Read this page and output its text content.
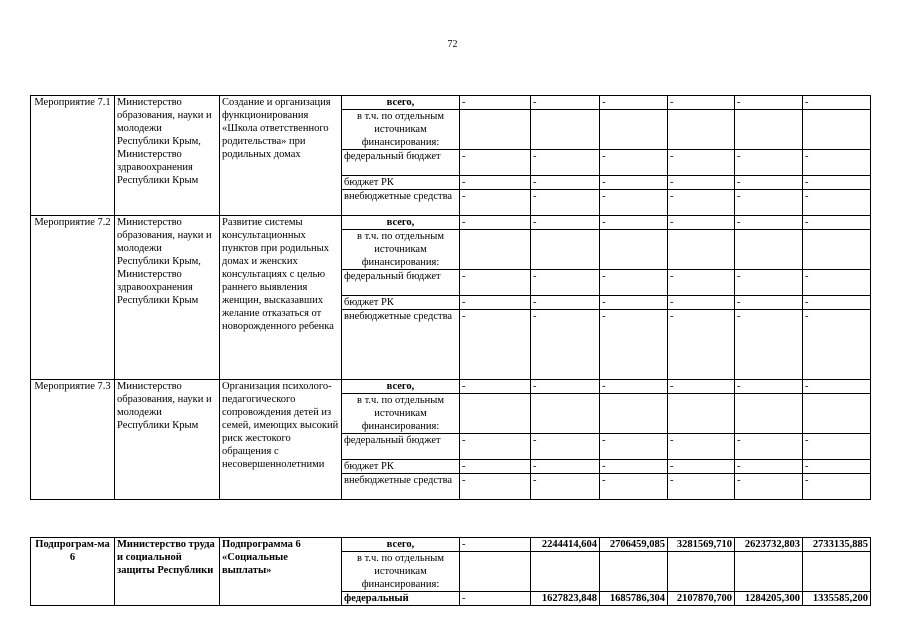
72
Мероприятие 7.1	Министерство образования, науки и молодежи Республики Крым, Министерство здравоохранения Республики Крым	Создание и организация функционирования «Школа ответственного родительства» при родильных домах	всего,	-	-	-	-	-	-
			в т.ч. по отдельным источникам финансирования:						
			федеральный бюджет	-	-	-	-	-	-
			бюджет РК	-	-	-	-	-	-
			внебюджетные средства	-	-	-	-	-	-
Мероприятие 7.2	Министерство образования, науки и молодежи Республики Крым, Министерство здравоохранения Республики Крым	Развитие системы консультационных пунктов при родильных домах и женских консультациях с целью раннего выявления женщин, высказавших желание отказаться от новорожденного ребенка	всего,	-	-	-	-	-	-
			в т.ч. по отдельным источникам финансирования:						
			федеральный бюджет	-	-	-	-	-	-
			бюджет РК	-	-	-	-	-	-
			внебюджетные средства	-	-	-	-	-	-
Мероприятие 7.3	Министерство образования, науки и молодежи Республики Крым	Организация психолого-педагогического сопровождения детей из семей, имеющих высокий риск жестокого обращения с несовершеннолетними	всего,	-	-	-	-	-	-
			в т.ч. по отдельным источникам финансирования:						
			федеральный бюджет	-	-	-	-	-	-
			бюджет РК	-	-	-	-	-	-
			внебюджетные средства	-	-	-	-	-	-
Подпрограм-ма 6	Министерство труда и социальной защиты Республики	Подпрограмма 6 «Социальные выплаты»	всего,	-	2244414,604	2706459,085	3281569,710	2623732,803	2733135,885
			в т.ч. по отдельным источникам финансирования:						
			федеральный	-	1627823,848	1685786,304	2107870,700	1284205,300	1335585,200
